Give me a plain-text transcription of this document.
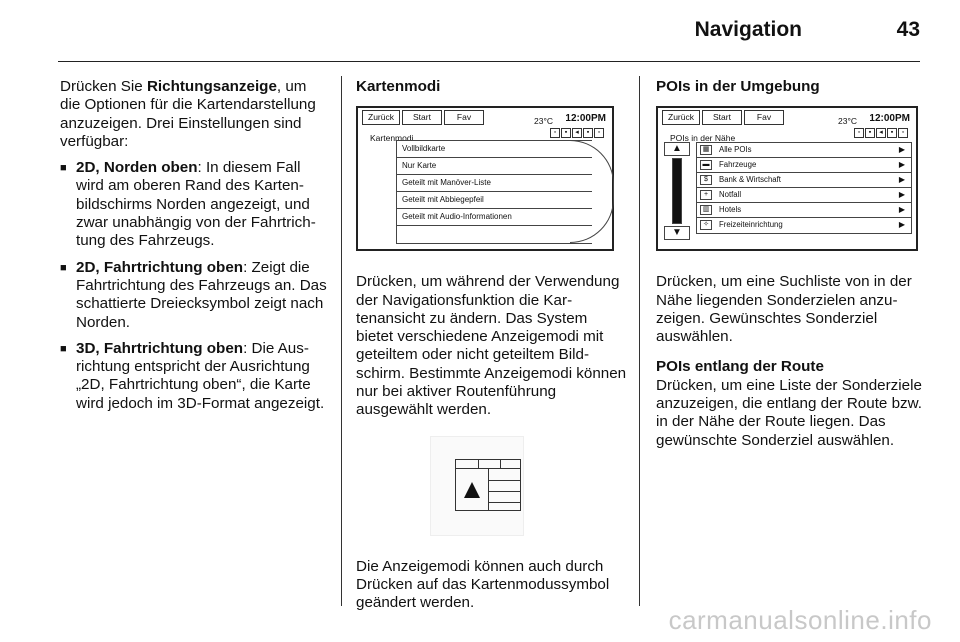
Navigation	43

Drücken Sie Richtungsanzeige, um die Optionen für die Kartendarstellung anzuzeigen. Drei Einstellungen sind verfügbar:

■ 2D, Norden oben: In diesem Fall wird am oberen Rand des Kartenbildschirms Norden angezeigt, und zwar unabhängig von der Fahrtrichtung des Fahrzeugs.
■ 2D, Fahrtrichtung oben: Zeigt die Fahrtrichtung des Fahrzeugs an. Das schattierte Dreiecksymbol zeigt nach Norden.
■ 3D, Fahrtrichtung oben: Die Ausrichtung entspricht der Ausrichtung „2D, Fahrtrichtung oben“, die Karte wird jedoch im 3D-Format angezeigt.
Kartenmodi
Zurück	Start	Fav	23°C 12:00PM
Kartenmodi
▫	▪	◂	▪	▫
Vollbildkarte
Nur Karte
Geteilt mit Manöver-Liste
Geteilt mit Abbiegepfeil
Geteilt mit Audio-Informationen

Drücken, um während der Verwendung der Navigationsfunktion die Kartenansicht zu ändern. Das System bietet verschiedene Anzeigemodi mit geteiltem oder nicht geteiltem Bildschirm. Bestimmte Anzeigemodi können nur bei aktiver Routenführung ausgewählt werden.

Die Anzeigemodi können auch durch Drücken auf das Kartenmodussymbol geändert werden.

POIs in der Umgebung
Zurück	Start	Fav	23°C 12:00PM
POIs in der Nähe
▫	▪	◂	▪	▫
▲
▼
▦	Alle POIs	▶
▬	Fahrzeuge	▶
$	Bank & Wirtschaft	▶
+	Notfall	▶
▥	Hotels	▶
✧	Freizeiteinrichtung	▶

Drücken, um eine Suchliste von in der Nähe liegenden Sonderzielen anzuzeigen. Gewünschtes Sonderziel auswählen.

POIs entlang der Route

Drücken, um eine Liste der Sonderziele anzuzeigen, die entlang der Route bzw. in der Nähe der Route liegen. Das gewünschte Sonderziel auswählen.

carmanualsonline.info
